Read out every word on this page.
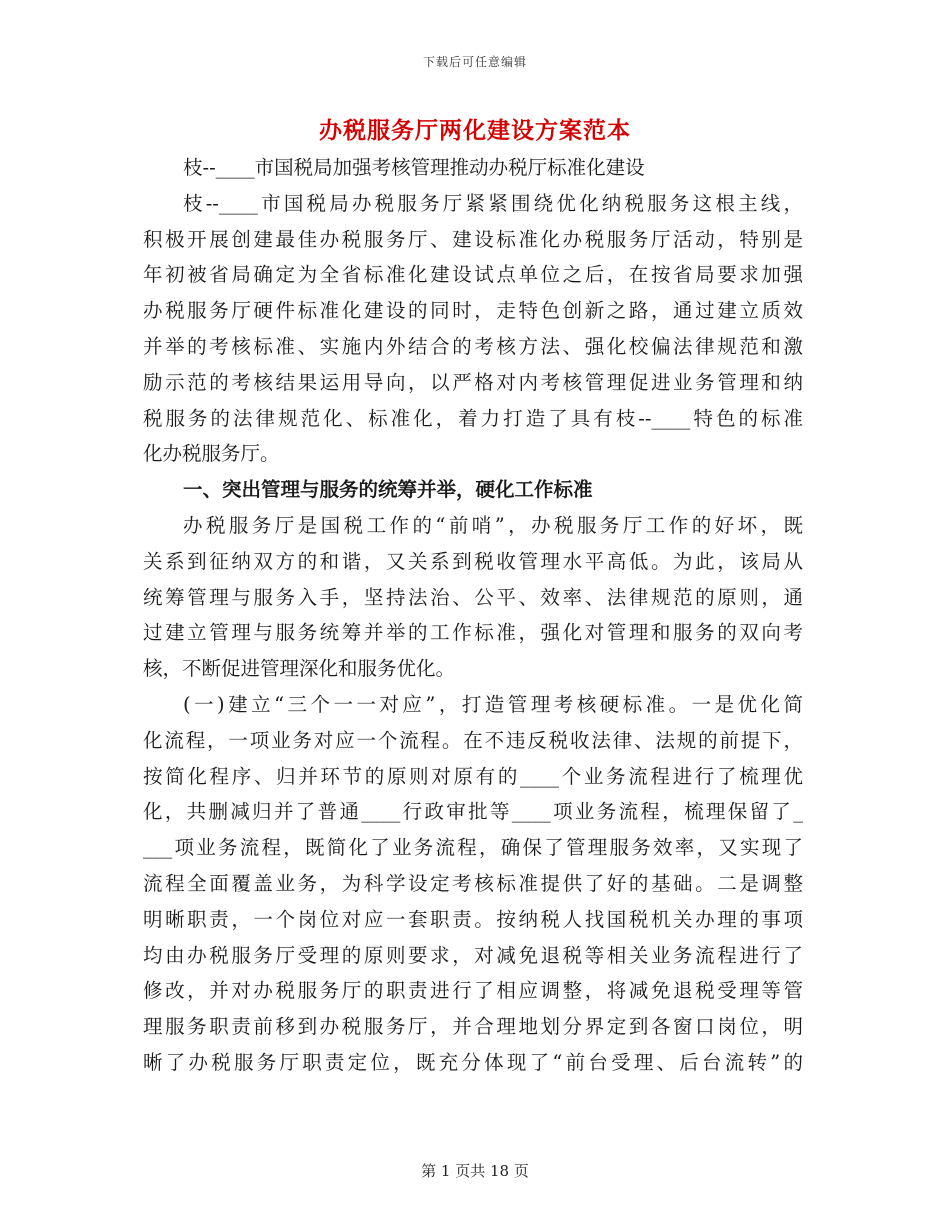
下载后可任意编辑
办税服务厅两化建设方案范本
枝--____市国税局加强考核管理推动办税厅标准化建设
枝--____市国税局办税服务厅紧紧围绕优化纳税服务这根主线，
积极开展创建最佳办税服务厅、建设标准化办税服务厅活动，特别是
年初被省局确定为全省标准化建设试点单位之后，在按省局要求加强
办税服务厅硬件标准化建设的同时，走特色创新之路，通过建立质效
并举的考核标准、实施内外结合的考核方法、强化校偏法律规范和激
励示范的考核结果运用导向，以严格对内考核管理促进业务管理和纳
税服务的法律规范化、标准化，着力打造了具有枝--____特色的标准
化办税服务厅。
一、突出管理与服务的统筹并举，硬化工作标准
办税服务厅是国税工作的“前哨”，办税服务厅工作的好坏，既
关系到征纳双方的和谐，又关系到税收管理水平高低。为此，该局从
统筹管理与服务入手，坚持法治、公平、效率、法律规范的原则，通
过建立管理与服务统筹并举的工作标准，强化对管理和服务的双向考
核，不断促进管理深化和服务优化。
(一)建立“三个一一对应”，打造管理考核硬标准。一是优化简
化流程，一项业务对应一个流程。在不违反税收法律、法规的前提下，
按简化程序、归并环节的原则对原有的____个业务流程进行了梳理优
化，共删减归并了普通____行政审批等____项业务流程，梳理保留了_
___项业务流程，既简化了业务流程，确保了管理服务效率，又实现了
流程全面覆盖业务，为科学设定考核标准提供了好的基础。二是调整
明晰职责，一个岗位对应一套职责。按纳税人找国税机关办理的事项
均由办税服务厅受理的原则要求，对减免退税等相关业务流程进行了
修改，并对办税服务厅的职责进行了相应调整，将减免退税受理等管
理服务职责前移到办税服务厅，并合理地划分界定到各窗口岗位，明
晰了办税服务厅职责定位，既充分体现了“前台受理、后台流转”的
第 1 页共 18 页
